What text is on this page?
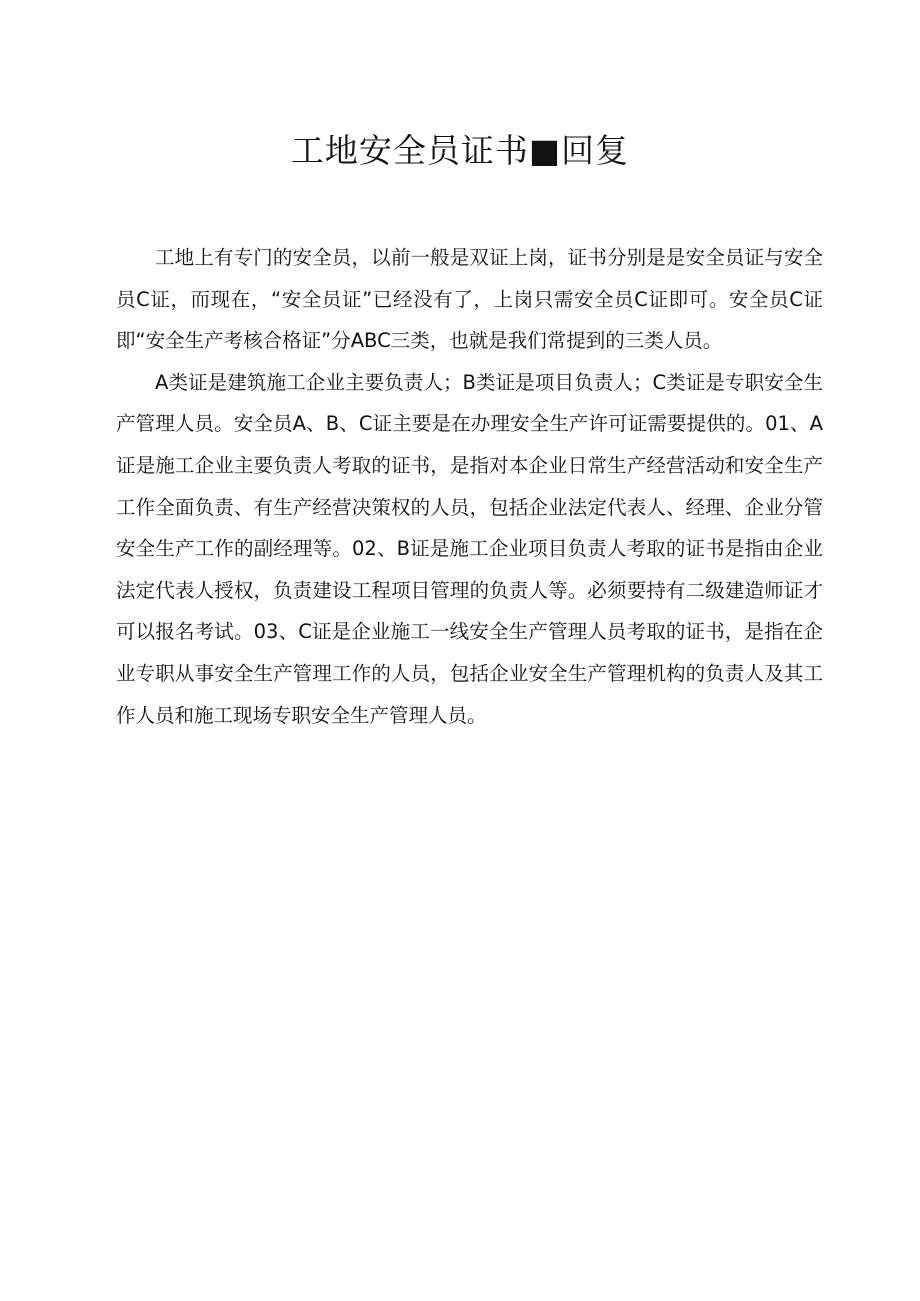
工地安全员证书■回复

工地上有专门的安全员，以前一般是双证上岗，证书分别是是安全员证与安全员C证，而现在，“安全员证”已经没有了，上岗只需安全员C证即可。安全员C证即“安全生产考核合格证”分ABC三类，也就是我们常提到的三类人员。

A类证是建筑施工企业主要负责人；B类证是项目负责人；C类证是专职安全生产管理人员。安全员A、B、C证主要是在办理安全生产许可证需要提供的。01、A证是施工企业主要负责人考取的证书，是指对本企业日常生产经营活动和安全生产工作全面负责、有生产经营决策权的人员，包括企业法定代表人、经理、企业分管安全生产工作的副经理等。02、B证是施工企业项目负责人考取的证书是指由企业法定代表人授权，负责建设工程项目管理的负责人等。必须要持有二级建造师证才可以报名考试。03、C证是企业施工一线安全生产管理人员考取的证书，是指在企业专职从事安全生产管理工作的人员，包括企业安全生产管理机构的负责人及其工作人员和施工现场专职安全生产管理人员。
